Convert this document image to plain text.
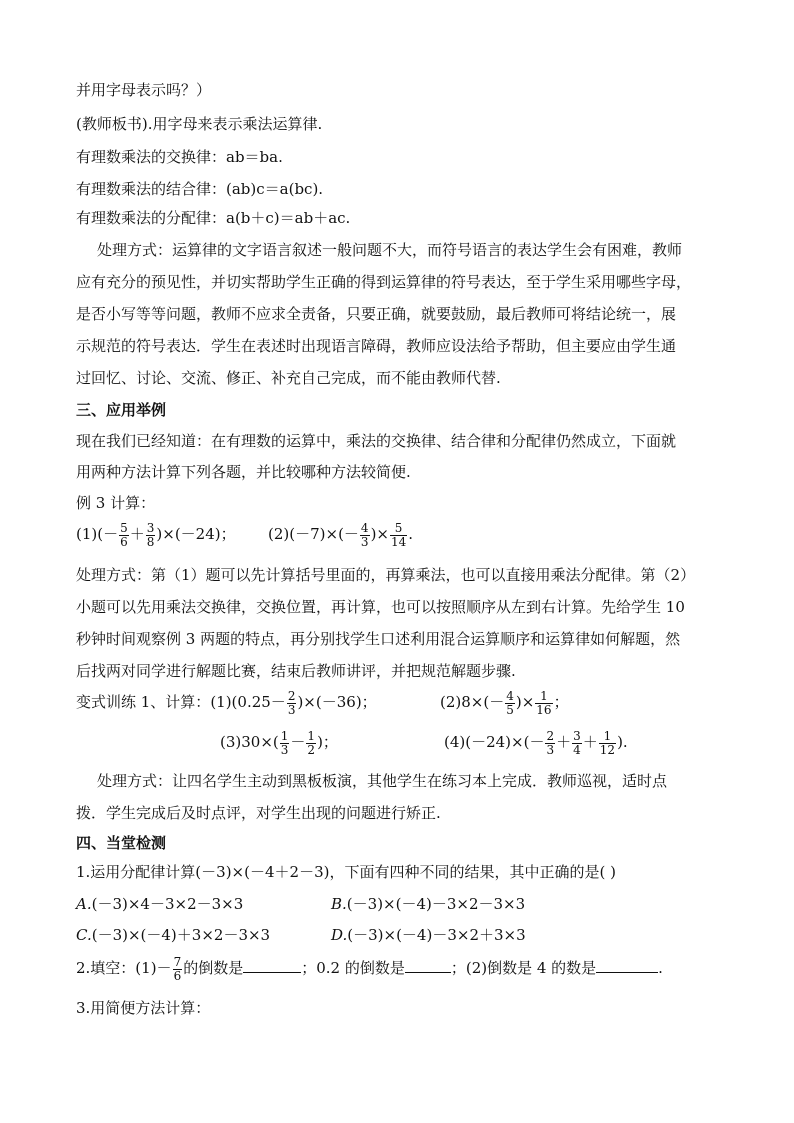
并用字母表示吗？）
(教师板书).用字母来表示乘法运算律.
有理数乘法的交换律：ab＝ba.
有理数乘法的结合律：(ab)c＝a(bc).
有理数乘法的分配律：a(b＋c)＝ab＋ac.
处理方式：运算律的文字语言叙述一般问题不大，而符号语言的表达学生会有困难，教师
应有充分的预见性，并切实帮助学生正确的得到运算律的符号表达，至于学生采用哪些字母，
是否小写等等问题，教师不应求全责备，只要正确，就要鼓励，最后教师可将结论统一，展
示规范的符号表达．学生在表述时出现语言障碍，教师应设法给予帮助，但主要应由学生通
过回忆、讨论、交流、修正、补充自己完成，而不能由教师代替.
三、应用举例
现在我们已经知道：在有理数的运算中，乘法的交换律、结合律和分配律仍然成立，下面就
用两种方法计算下列各题，并比较哪种方法较简便.
例 3 计算：
$(1)(- \frac{5}{6} + \frac{3}{8} )\times(-24)$； $(2)(-7)\times(- \frac{4}{3}$ )× $\frac{5}{14}$ .
处理方式：第（1）题可以先计算括号里面的，再算乘法，也可以直接用乘法分配律。第（2）
小题可以先用乘法交换律，交换位置，再计算，也可以按照顺序从左到右计算。先给学生 10
秒钟时间观察例 3 两题的特点，再分别找学生口述利用混合运算顺序和运算律如何解题，然
后找两对同学进行解题比赛，结束后教师讲评，并把规范解题步骤.
变式训练 1、计算：$(1)(0.25- \frac{2}{3} )\times(-36)$；	$(2)8\times(- \frac{4}{5}$ )× $\frac{1}{16}$ ；
$(3)30\times( \frac{1}{3} - \frac{1}{2}$ )；	$(4)(-24)\times(- \frac{2}{3} + \frac{3}{4} + \frac{1}{12}$ ).
处理方式：让四名学生主动到黑板板演，其他学生在练习本上完成．教师巡视，适时点
拨．学生完成后及时点评，对学生出现的问题进行矫正.
四、当堂检测
1.运用分配律计算(－3)×(－4＋2－3)，下面有四种不同的结果，其中正确的是( )
A.(－3)×4－3×2－3×3	B.(－3)×(－4)－3×2－3×3
C.(－3)×(－4)＋3×2－3×3	D.(－3)×(－4)－3×2＋3×3
2.填空：$(1)- \frac{7}{6}$ 的倒数是	；0.2 的倒数是	；(2)倒数是 4 的数是	.
3.用简便方法计算：
